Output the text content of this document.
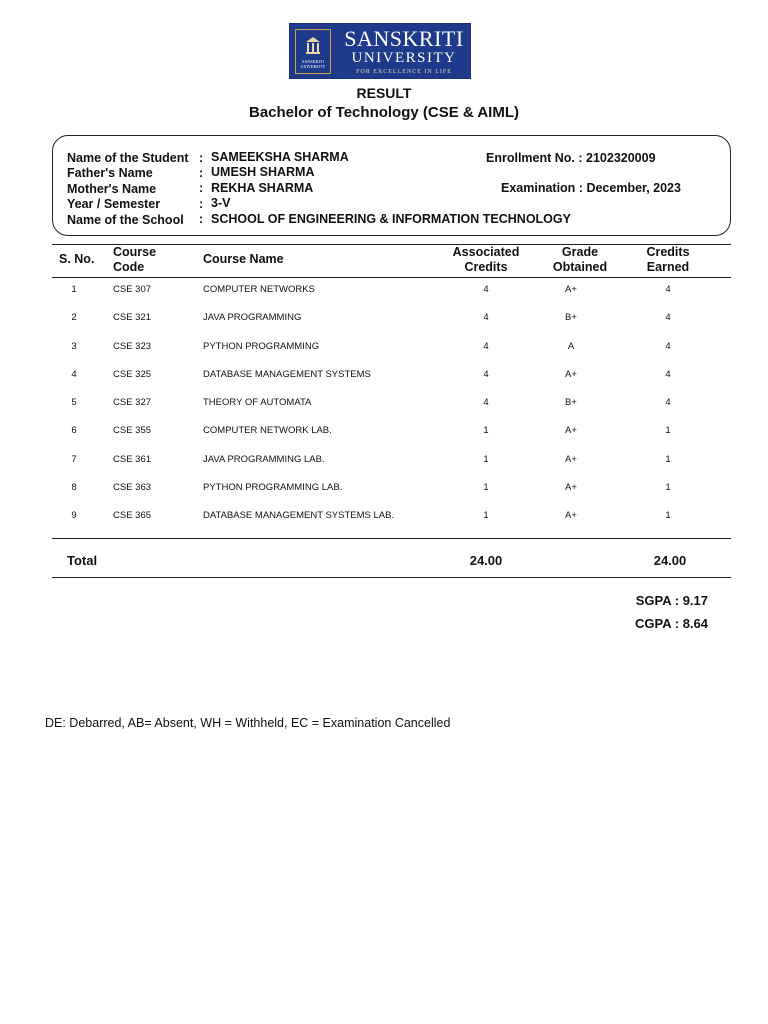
SANSKRITI UNIVERSITY
SANSKRITI
UNIVERSITY
FOR EXCELLENCE IN LIFE
RESULT
Bachelor of Technology (CSE & AIML)
Name of the Student : SAMEEKSHA SHARMA
Father's Name	: UMESH SHARMA
Mother's Name	: REKHA SHARMA
Year / Semester	: 3-V
Name of the School : SCHOOL OF ENGINEERING & INFORMATION TECHNOLOGY
Enrollment No. : 2102320009
Examination : December, 2023
S. No. Course
Code
Course Name	Associated
Credits
Grade
Obtained
Credits
Earned
1	CSE 307	COMPUTER NETWORKS	4	A+	4
2	CSE 321	JAVA PROGRAMMING	4	B+	4
3	CSE 323	PYTHON PROGRAMMING	4	A	4
4	CSE 325	DATABASE MANAGEMENT SYSTEMS	4	A+	4
5	CSE 327	THEORY OF AUTOMATA	4	B+	4
6	CSE 355	COMPUTER NETWORK LAB.	1	A+	1
7	CSE 361	JAVA PROGRAMMING LAB.	1	A+	1
8	CSE 363	PYTHON PROGRAMMING LAB.	1	A+	1
9	CSE 365	DATABASE MANAGEMENT SYSTEMS LAB.	1	A+	1
Total	24.00	24.00
SGPA : 9.17
CGPA : 8.64
DE: Debarred, AB= Absent, WH = Withheld, EC = Examination Cancelled
